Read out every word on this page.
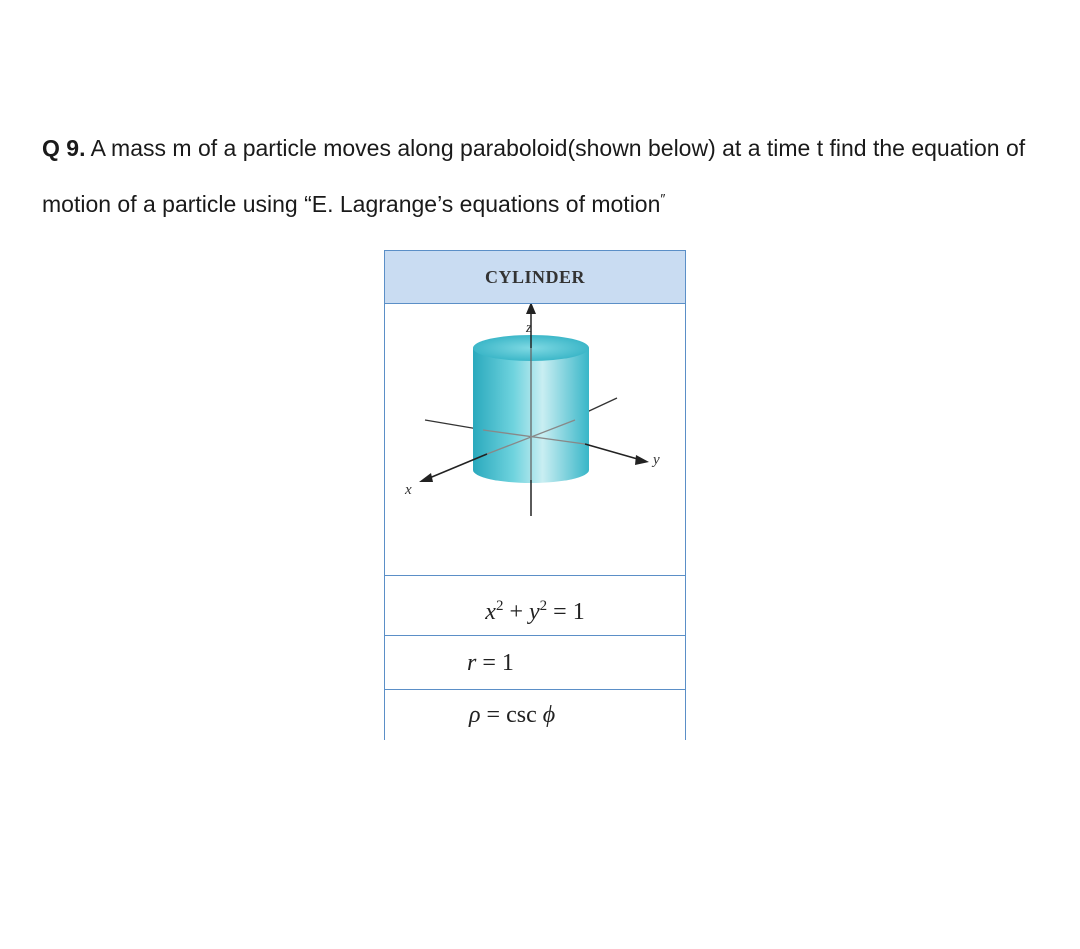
Q 9. A mass m of a particle moves along paraboloid(shown below) at a time t find the equation of motion of a particle using “E. Lagrange’s equations of motion″

CYLINDER
z
y
x
$x^2 + y^2 = 1$
r = 1
ρ = csc ϕ
